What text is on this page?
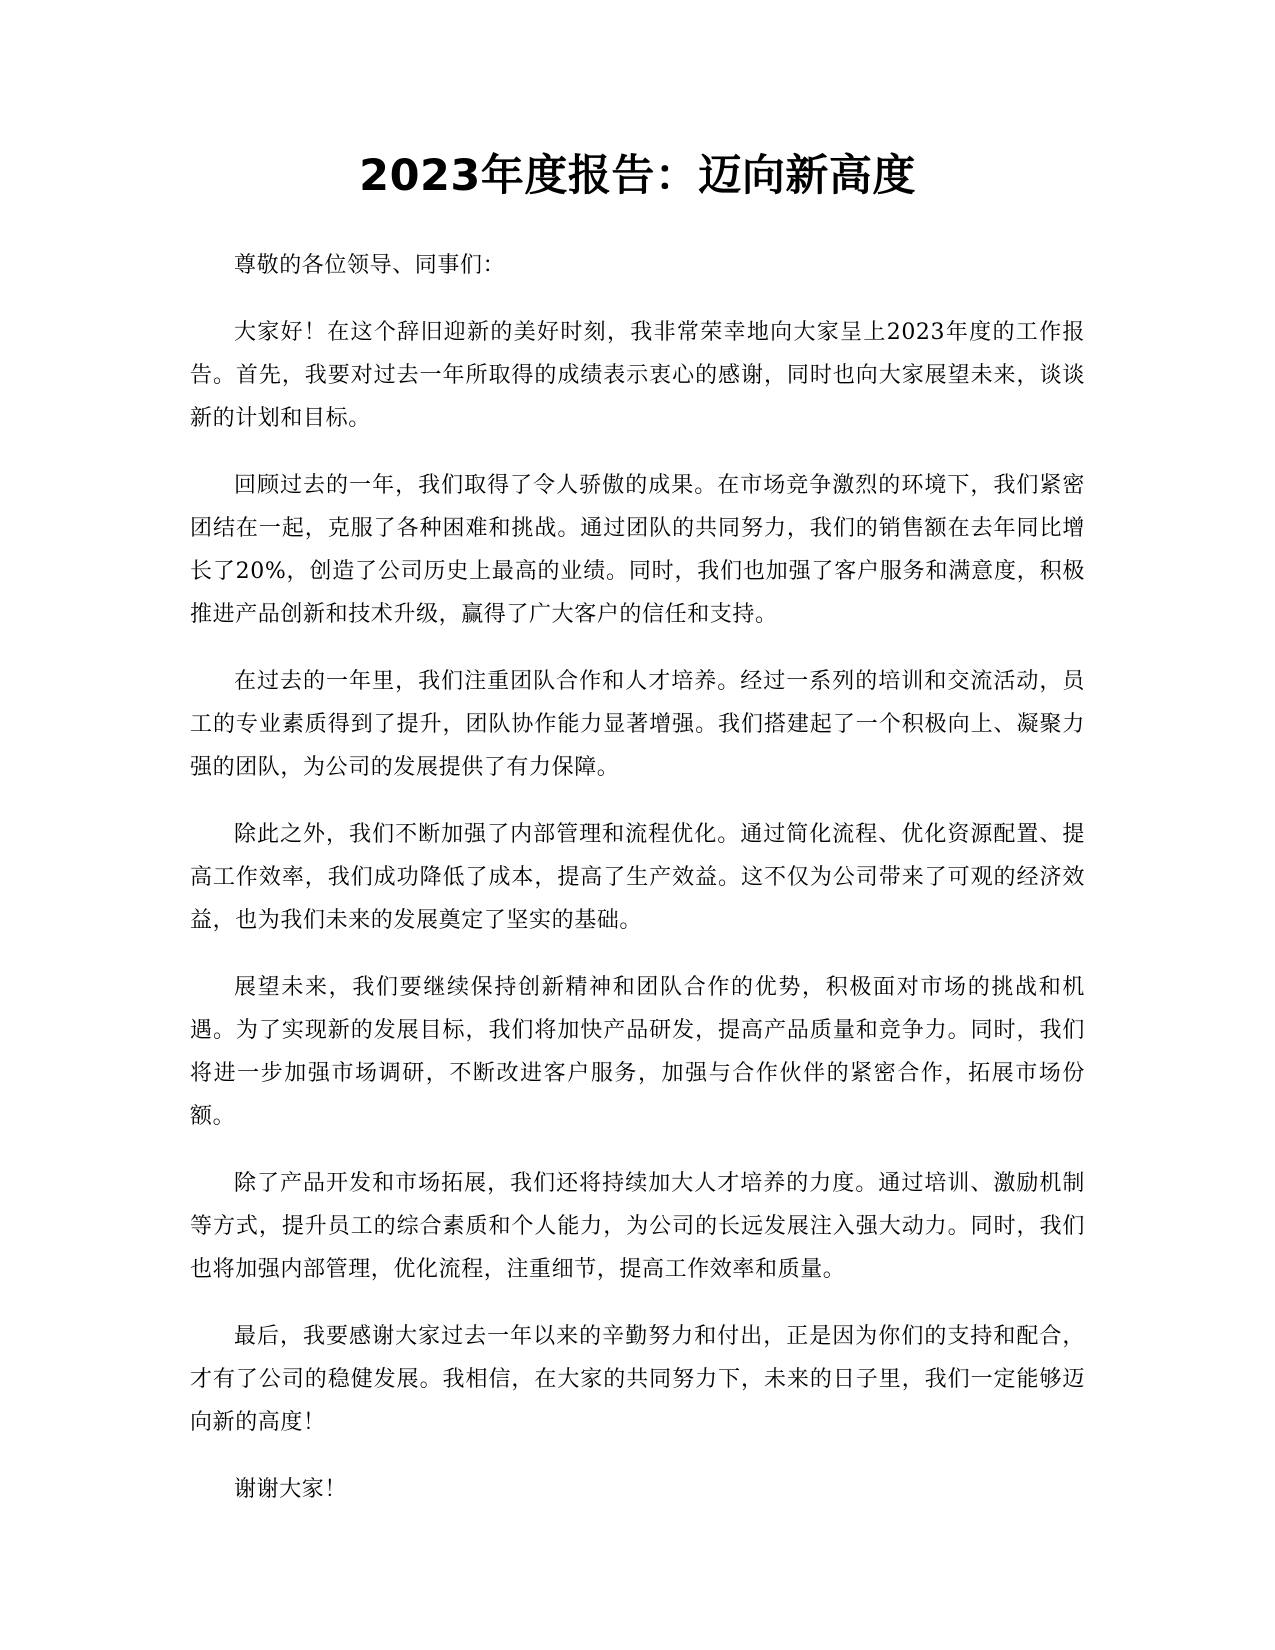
2023年度报告：迈向新高度

尊敬的各位领导、同事们：

大家好！在这个辞旧迎新的美好时刻，我非常荣幸地向大家呈上2023年度的工作报告。首先，我要对过去一年所取得的成绩表示衷心的感谢，同时也向大家展望未来，谈谈新的计划和目标。

回顾过去的一年，我们取得了令人骄傲的成果。在市场竞争激烈的环境下，我们紧密团结在一起，克服了各种困难和挑战。通过团队的共同努力，我们的销售额在去年同比增长了20%，创造了公司历史上最高的业绩。同时，我们也加强了客户服务和满意度，积极推进产品创新和技术升级，赢得了广大客户的信任和支持。

在过去的一年里，我们注重团队合作和人才培养。经过一系列的培训和交流活动，员工的专业素质得到了提升，团队协作能力显著增强。我们搭建起了一个积极向上、凝聚力强的团队，为公司的发展提供了有力保障。

除此之外，我们不断加强了内部管理和流程优化。通过简化流程、优化资源配置、提高工作效率，我们成功降低了成本，提高了生产效益。这不仅为公司带来了可观的经济效益，也为我们未来的发展奠定了坚实的基础。

展望未来，我们要继续保持创新精神和团队合作的优势，积极面对市场的挑战和机遇。为了实现新的发展目标，我们将加快产品研发，提高产品质量和竞争力。同时，我们将进一步加强市场调研，不断改进客户服务，加强与合作伙伴的紧密合作，拓展市场份额。

除了产品开发和市场拓展，我们还将持续加大人才培养的力度。通过培训、激励机制等方式，提升员工的综合素质和个人能力，为公司的长远发展注入强大动力。同时，我们也将加强内部管理，优化流程，注重细节，提高工作效率和质量。

最后，我要感谢大家过去一年以来的辛勤努力和付出，正是因为你们的支持和配合，才有了公司的稳健发展。我相信，在大家的共同努力下，未来的日子里，我们一定能够迈向新的高度！

谢谢大家！
